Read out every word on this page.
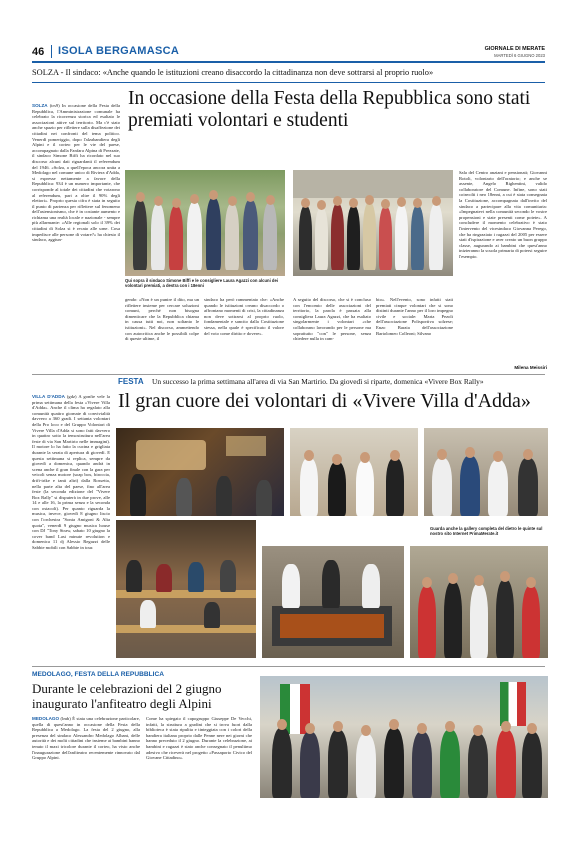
46 ISOLA BERGAMASCA	GIORNALE DI MERATE
MARTEDÌ 6 GIUGNO 2023
SOLZA - Il sindaco: «Anche quando le istituzioni creano disaccordo la cittadinanza non deve sottrarsi al proprio ruolo»
In occasione della Festa della Repubblica sono stati premiati volontari e studenti
SOLZA (trs9) In occasione della Festa della Repubblica, l'Amministrazione comunale ha celebrato la ricorrenza storica ed esaltato le associazioni attive sul territorio. Ma c'è stato anche spazio per riflettere sulla disaffezione dei cittadini nei confronti del tema politico. Venerdì pomeriggio, dopo l'alzabandiera degli Alpini e il corteo per le vie del paese, accompagnato dalla Fanfara Alpina di Prezzate, il sindaco Simone Biffi ha ricordato nel suo discorso alcuni dati riguardanti il referendum del 1946. «Solza, a quell'epoca ancora unita a Medolago nel comune unico di Riviera d'Adda, si espresse nettamente a favore della Repubblica: 934 è un numero importante, che corrisponde al totale dei cittadini che votarono al referendum, pari a oltre il 90% degli elettori». Proprio questa cifra è stata in seguito il punto di partenza per riflettere sul fenomeno dell'astensionismo, che è in costante aumento e richiama una realtà locale e nazionale - sempre più allarmante: «Alle regionali solo il 39% dei cittadini di Solza si è recato alle urne. Cosa impedisce alle persone di votare?» ha chiesto il sindaco, aggiun-
Qui sopra il sindaco Simone Biffi e le consigliere Laura Agazzi con alcuni dei volontari premiati, a destra con i 18enni
gendo: «Non è un punire il dito, ma un riflettere insieme per cercare soluzioni comuni, perché non bisogna dimenticare che la Repubblica chiama in causa tutti noi, non soltanto le istituzioni». Nel discorso, ammettendo con autocritica anche le possibili colpe di queste ultime, il
sindaco ha però rammentato che: «Anche quando le istituzioni creano disaccordo o affrontano momenti di crisi, la cittadinanza non deve sottrarsi al proprio ruolo, fondamentale e sancito dalla Costituzione stessa, nella quale è specificato il valore del voto come diritto e dovere».
A seguito del discorso, che si è concluso con l'encomio delle associazioni del territorio, la parola è passata alla consigliera Laura Agazzi, che ha esaltato singolarmente i volontari «che collaborano lavorando per le persone ma soprattutto "con" le persone, senza chiedere nulla in cam-
bio». Nell'evento, sono infatti stati premiati cinque volontari che si sono distinti durante l'anno per il loro impegno civile e sociale: Maria Pezoli dell'associazione Polisportiva solzese; Enzo Baraia dell'associazione Bartolomeo Colleoni; Silvano
Sala del Centro anziani e pensionati; Giovanni Rotoli, volontario dell'oratorio; e anche se assente, Angelo Righentini, valido collaboratore del Comune. Infine, sono stati coinvolti i neo 18enni, a cui è stata consegnata la Costituzione, accompagnata dall'invito del sindaco a partecipare alla vita comunitaria: «Impegnatevi nella comunità secondo le vostre propensioni e siate presenti come potete». A concludere il momento celebrativo è stato l'intervento del vicesindaco Giovanna Perego, che ha ringraziato i ragazzi del 2005 per essere stati d'ispirazione e aver creato un buon gruppo classe, augurando ai bambini che quest'anno inizieranno la scuola primaria di potersi seguire l'esempio.
Milena Meissiri
FESTA Un successo la prima settimana all'area di via San Martirio. Da giovedì si riparte, domenica «Vivere Box Rally»
Il gran cuore dei volontari di «Vivere Villa d'Adda»
VILLA D'ADDA (gdz) A gonfie vele la prima settimana della festa «Vivere Villa d'Adda». Anche il clima ha regalato alla comunità quattro giornate di convivialità davvero a 360 gradi. I settanta volontari della Pro loco e del Gruppo Volontari di Vivere Villa d'Adda si sono fatti davvero in quattro sotto la tensostruttura nell'area feste di via San Martirio nelle immagini). Il motore lo ha fatto la cucina e grigliata durante la serata di apertura di giovedì. E questa settimana si replica, sempre da giovedì a domenica, quando andrà in scena anche il gran finale con la gara per veicoli senza motore (soap box, biroccia, drift-trike e tanti altri) dalla Rossetta, nella parte alta del paese, fino all'area feste (la seconda edizione del "Vivere Box Rally" si disputerà in due prove, alle 14 e alle 16, la prima senza e la seconda con ostacoli). Per quanto riguarda la musica, invece, giovedì 8 giugno liscio con l'orchestra "Sonia Amigoni & Alta quota", venerdì 9 giugno musica house con DJ "Tony Straw, sabato 10 giugno la cover band Last minute revolution e domenica 11 dj Alessio Regazzi delle Sabbie mobili con Sabbie in tour.
Guarda anche la gallery completa del dietro le quinte sul nostro sito Internet PrimaMerate.it
MEDOLAGO, FESTA DELLA REPUBBLICA
Durante le celebrazioni del 2 giugno inaugurato l'anfiteatro degli Alpini
MEDOLAGO (lmb) È stata una celebrazione particolare, quella di quest'anno in occasione della Festa della Repubblica a Medolago. La festa del 2 giugno, alla presenza del sindaco Alessandro Medolago Albani, delle autorità e dei molti cittadini che insieme ai bambini hanno tenuto il maxi tricolore durante il corteo, ha visto anche l'inaugurazione dell'anfiteatro recentemente rinnovato dal Gruppo Alpini.
Come ha spiegato il capogruppo Giuseppe De Vecchi, infatti, la struttura a gradini che si trova fuori dalla biblioteca è stata ripulita e tinteggiata con i colori della bandiera italiana proprio dalle Penne nere nei giorni che hanno preceduto il 2 giugno. Durante la celebrazione, ai bambini e ragazzi è stato anche consegnato il penultimo adesivo che riceverà nel progetto «Passaporto Civico del Giovane Cittadino».
